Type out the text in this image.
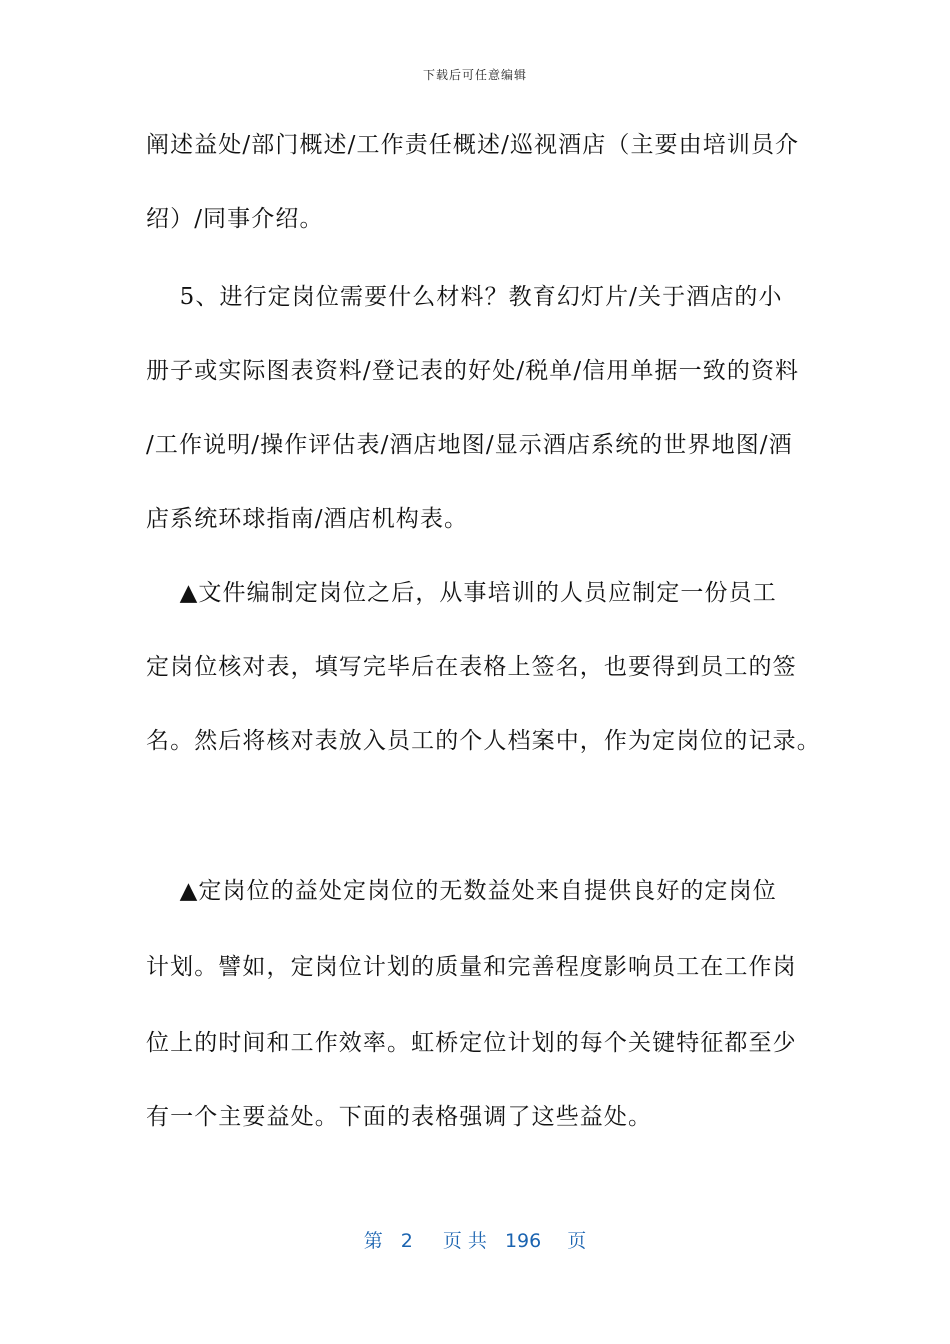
下载后可任意编辑
阐述益处/部门概述/工作责任概述/巡视酒店（主要由培训员介
绍）/同事介绍。
5、进行定岗位需要什么材料？教育幻灯片/关于酒店的小
册子或实际图表资料/登记表的好处/税单/信用单据一致的资料
/工作说明/操作评估表/酒店地图/显示酒店系统的世界地图/酒
店系统环球指南/酒店机构表。
▲文件编制定岗位之后，从事培训的人员应制定一份员工
定岗位核对表，填写完毕后在表格上签名，也要得到员工的签
名。然后将核对表放入员工的个人档案中，作为定岗位的记录。
▲定岗位的益处定岗位的无数益处来自提供良好的定岗位
计划。譬如，定岗位计划的质量和完善程度影响员工在工作岗
位上的时间和工作效率。虹桥定位计划的每个关键特征都至少
有一个主要益处。下面的表格强调了这些益处。
第 2 页 共 196 页
